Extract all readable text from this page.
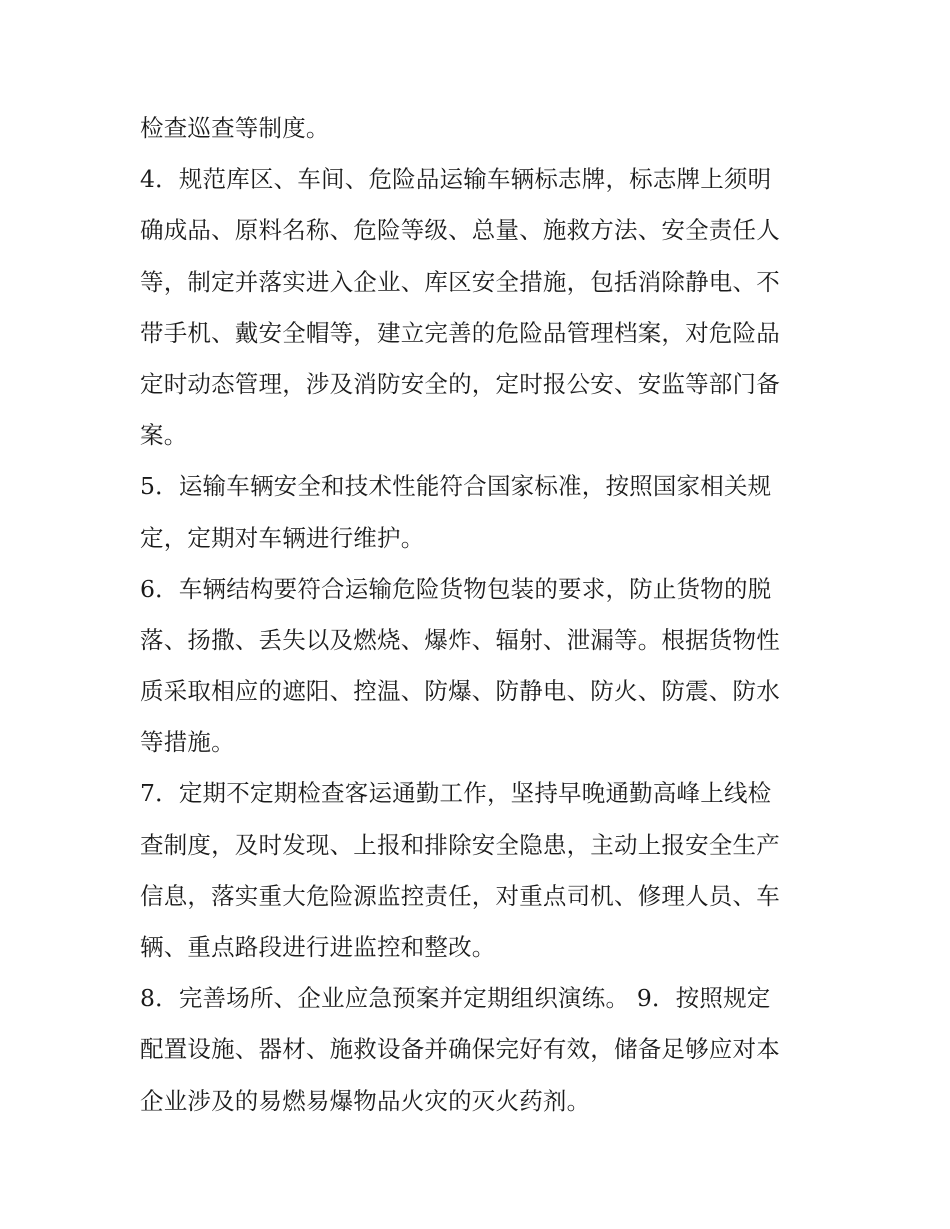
检查巡查等制度。
4．规范库区、车间、危险品运输车辆标志牌，标志牌上须明
确成品、原料名称、危险等级、总量、施救方法、安全责任人
等，制定并落实进入企业、库区安全措施，包括消除静电、不
带手机、戴安全帽等，建立完善的危险品管理档案，对危险品
定时动态管理，涉及消防安全的，定时报公安、安监等部门备
案。
5．运输车辆安全和技术性能符合国家标准，按照国家相关规
定，定期对车辆进行维护。
6．车辆结构要符合运输危险货物包装的要求，防止货物的脱
落、扬撒、丢失以及燃烧、爆炸、辐射、泄漏等。根据货物性
质采取相应的遮阳、控温、防爆、防静电、防火、防震、防水
等措施。
7．定期不定期检查客运通勤工作，坚持早晚通勤高峰上线检
查制度，及时发现、上报和排除安全隐患，主动上报安全生产
信息，落实重大危险源监控责任，对重点司机、修理人员、车
辆、重点路段进行进监控和整改。
8．完善场所、企业应急预案并定期组织演练。 9．按照规定
配置设施、器材、施救设备并确保完好有效，储备足够应对本
企业涉及的易燃易爆物品火灾的灭火药剂。
